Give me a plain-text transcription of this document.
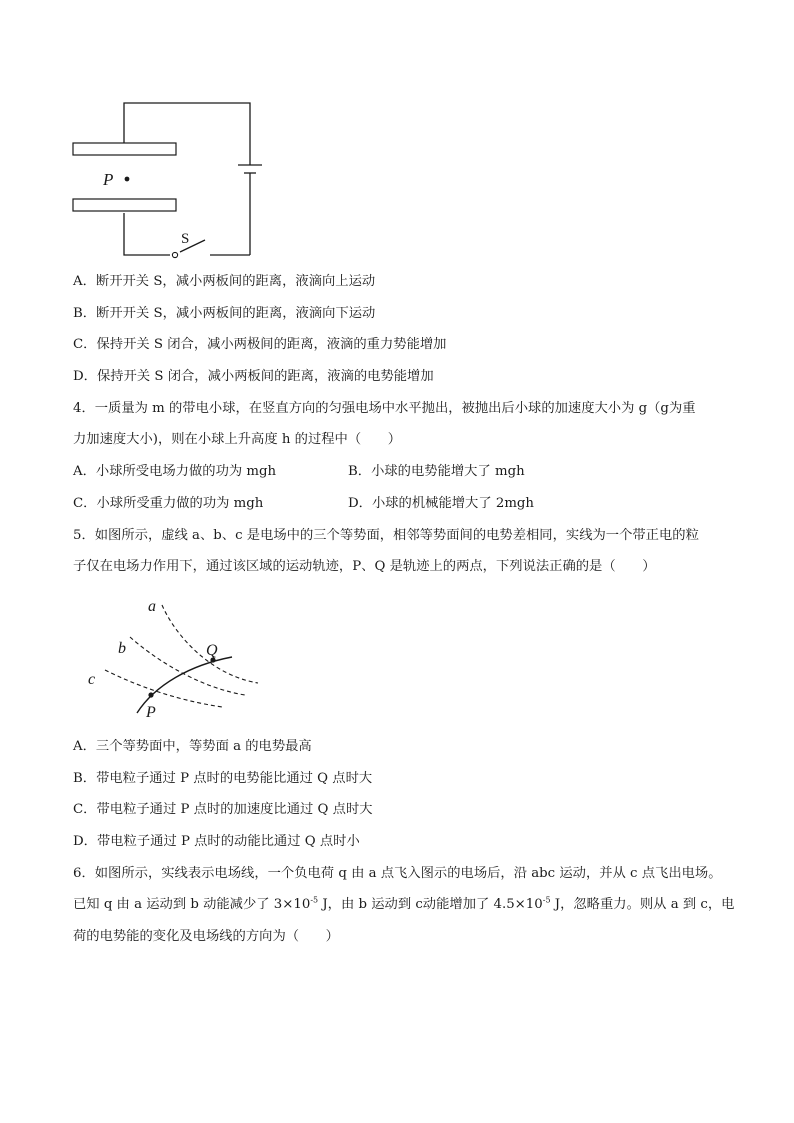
P
S
A．断开开关 S，减小两板间的距离，液滴向上运动
B．断开开关 S，减小两板间的距离，液滴向下运动
C．保持开关 S 闭合，减小两极间的距离，液滴的重力势能增加
D．保持开关 S 闭合，减小两板间的距离，液滴的电势能增加
4．一质量为 m 的带电小球，在竖直方向的匀强电场中水平抛出，被抛出后小球的加速度大小为 g（g为重
力加速度大小)，则在小球上升高度 h 的过程中（　　）
A．小球所受电场力做的功为 mgh	B．小球的电势能增大了 mgh
C．小球所受重力做的功为 mgh	D．小球的机械能增大了 2mgh
5．如图所示，虚线 a、b、c 是电场中的三个等势面，相邻等势面间的电势差相同，实线为一个带正电的粒
子仅在电场力作用下，通过该区域的运动轨迹，P、Q 是轨迹上的两点，下列说法正确的是（　　）
a
b
c
Q
P
A．三个等势面中，等势面 a 的电势最高
B．带电粒子通过 P 点时的电势能比通过 Q 点时大
C．带电粒子通过 P 点时的加速度比通过 Q 点时大
D．带电粒子通过 P 点时的动能比通过 Q 点时小
6．如图所示，实线表示电场线，一个负电荷 q 由 a 点飞入图示的电场后，沿 abc 运动，并从 c 点飞出电场。
已知 q 由 a 运动到 b 动能减少了 $3\times 10^{-5}$ J，由 b 运动到 c动能增加了 $4.5\times 10^{-5}$ J，忽略重力。则从 a 到 c，电
荷的电势能的变化及电场线的方向为（　　）
